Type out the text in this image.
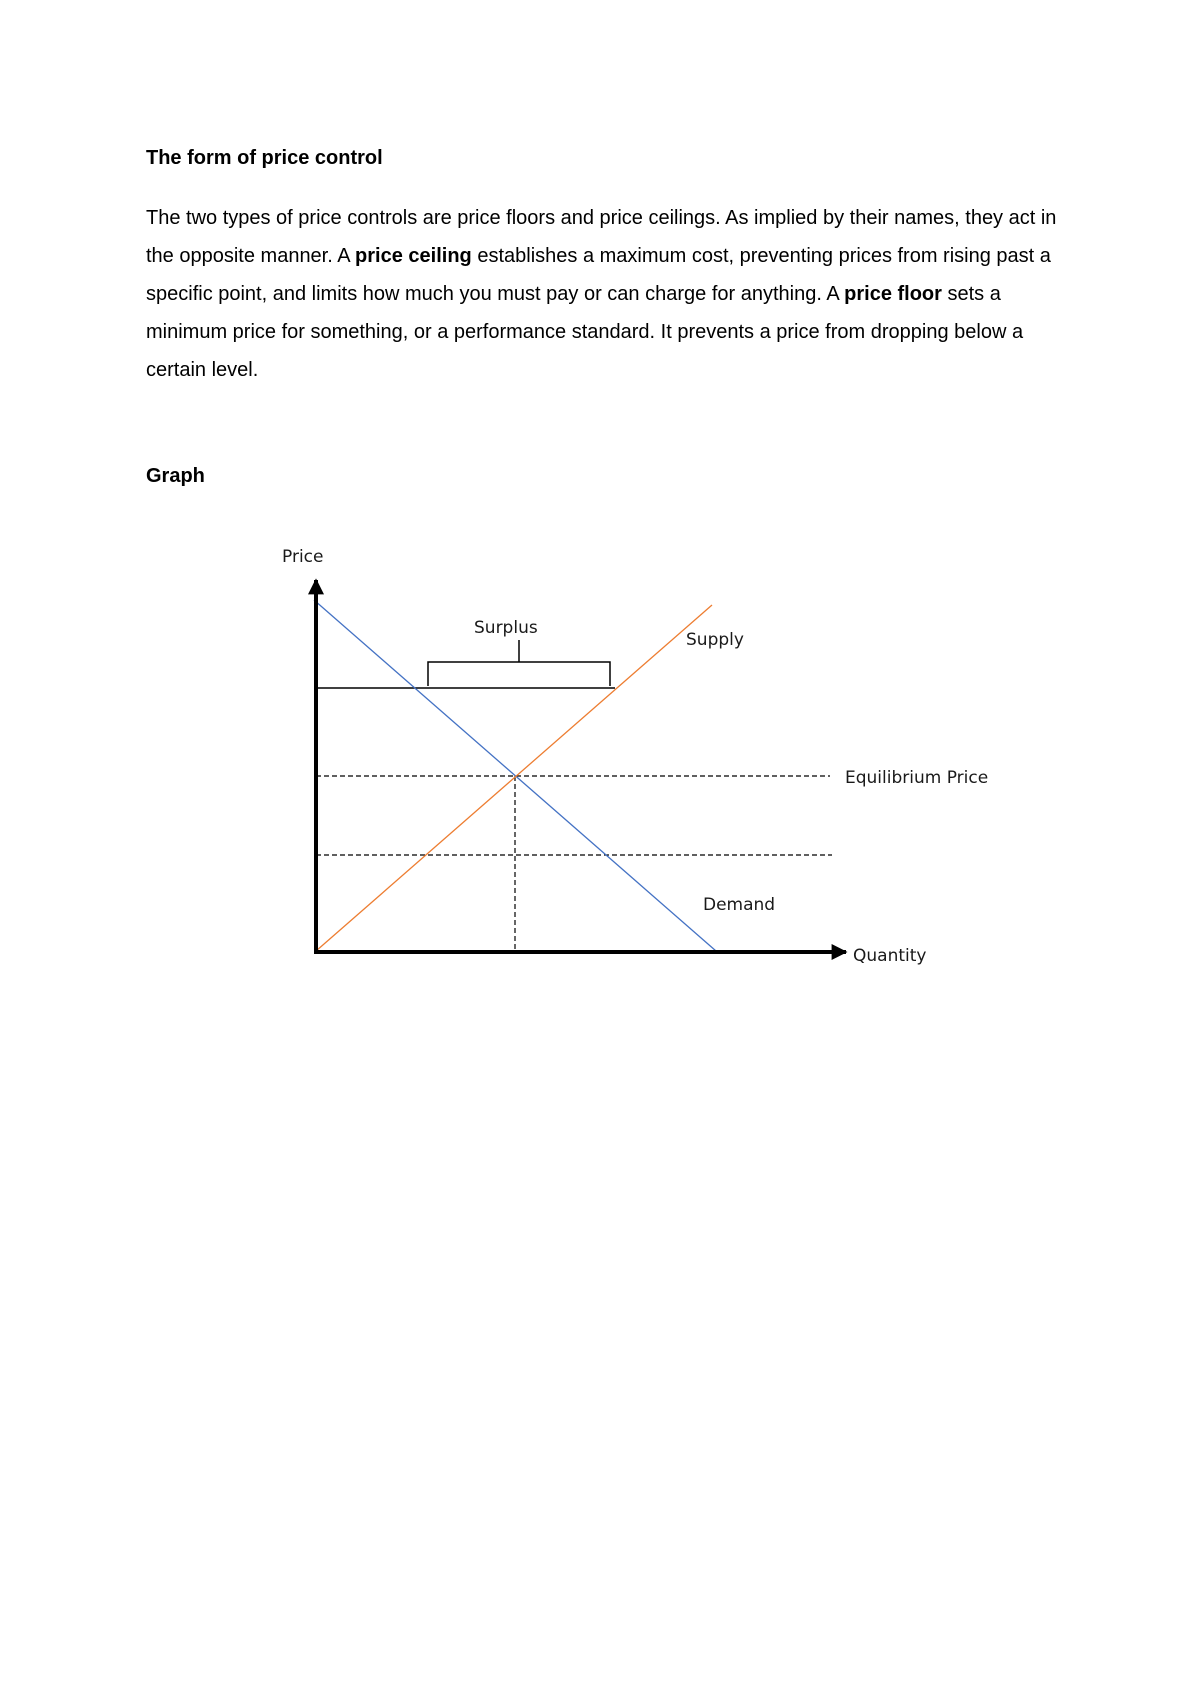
The form of price control

The two types of price controls are price floors and price ceilings. As implied by their names, they act in the opposite manner. A price ceiling establishes a maximum cost, preventing prices from rising past a specific point, and limits how much you must pay or can charge for anything. A price floor sets a minimum price for something, or a performance standard. It prevents a price from dropping below a certain level.

Graph
Price
Quantity
Supply
Demand
Surplus
Equilibrium Price
